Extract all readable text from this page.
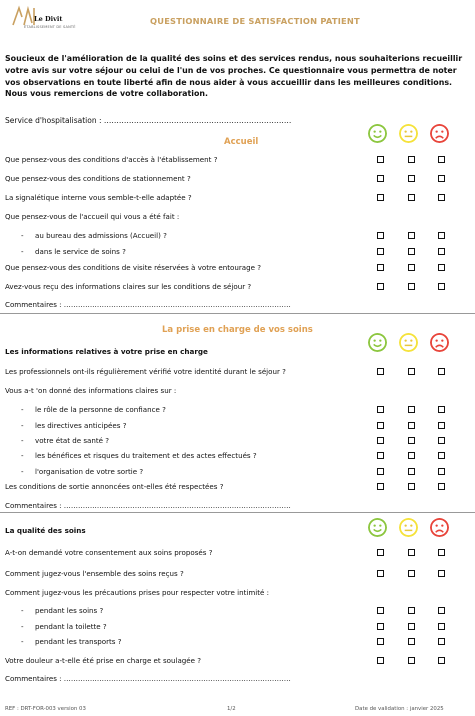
Le Divit
ÉTABLISSEMENT DE SANTÉ
QUESTIONNAIRE DE SATISFACTION PATIENT
Soucieux de l'amélioration de la qualité des soins et des services rendus, nous souhaiterions recueillir votre avis sur votre séjour ou celui de l'un de vos proches. Ce questionnaire vous permettra de noter vos observations en toute liberté afin de nous aider à vous accueillir dans les meilleures conditions. Nous vous remercions de votre collaboration.
Service d'hospitalisation : …………………………………………………………………
Accueil
Que pensez-vous des conditions d'accès à l'établissement ?
Que pensez-vous des conditions de stationnement ?
La signalétique interne vous semble-t-elle adaptée ?
Que pensez-vous de l'accueil qui vous a été fait :
- au bureau des admissions (Accueil) ?
- dans le service de soins ?
Que pensez-vous des conditions de visite réservées à votre entourage ?
Avez-vous reçu des informations claires sur les conditions de séjour ?
Commentaires : ……………………………………………………………………………………
La prise en charge de vos soins
Les informations relatives à votre prise en charge
Les professionnels ont-ils régulièrement vérifié votre identité durant le séjour ?
Vous a-t 'on donné des informations claires sur :
- le rôle de la personne de confiance ?
- les directives anticipées ?
- votre état de santé ?
- les bénéfices et risques du traitement et des actes effectués ?
- l'organisation de votre sortie ?
Les conditions de sortie annoncées ont-elles été respectées ?
Commentaires : ……………………………………………………………………………………
La qualité des soins
A-t-on demandé votre consentement aux soins proposés ?
Comment jugez-vous l'ensemble des soins reçus ?
Comment jugez-vous les précautions prises pour respecter votre intimité :
- pendant les soins ?
- pendant la toilette ?
- pendant les transports ?
Votre douleur a-t-elle été prise en charge et soulagée ?
Commentaires : ……………………………………………………………………………………
REF : DRT-FOR-003 version 03	1/2	Date de validation : janvier 2025
